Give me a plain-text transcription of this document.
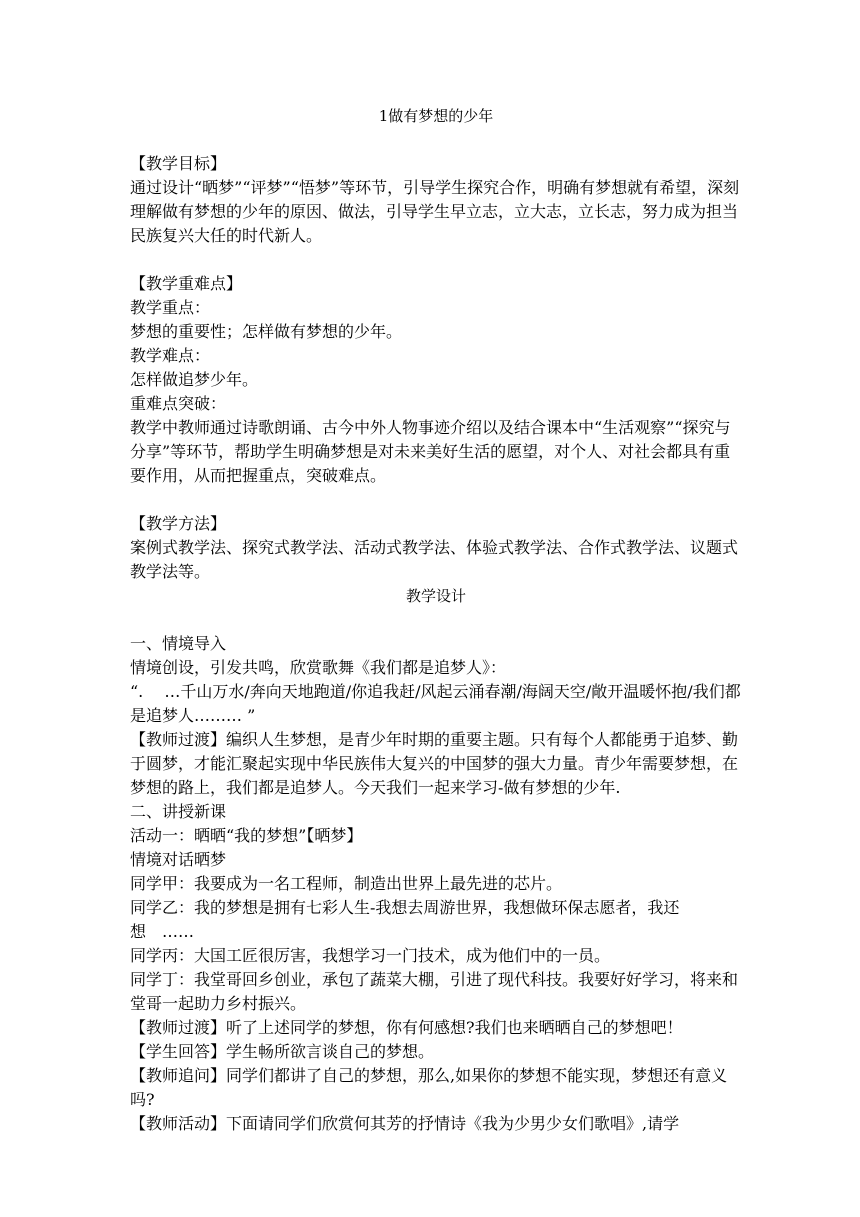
1做有梦想的少年

【教学目标】

通过设计“晒梦”“评梦”“悟梦”等环节，引导学生探究合作，明确有梦想就有希望，深刻理解做有梦想的少年的原因、做法，引导学生早立志，立大志，立长志，努力成为担当民族复兴大任的时代新人。

【教学重难点】

教学重点：

梦想的重要性；怎样做有梦想的少年。

教学难点：

怎样做追梦少年。

重难点突破：

教学中教师通过诗歌朗诵、古今中外人物事迹介绍以及结合课本中“生活观察”“探究与分享”等环节，帮助学生明确梦想是对未来美好生活的愿望，对个人、对社会都具有重要作用，从而把握重点，突破难点。

【教学方法】

案例式教学法、探究式教学法、活动式教学法、体验式教学法、合作式教学法、议题式教学法等。

教学设计

一、情境导入

情境创设，引发共鸣，欣赏歌舞《我们都是追梦人》：

“.　 …千山万水/奔向天地跑道/你追我赶/风起云涌春潮/海阔天空/敞开温暖怀抱/我们都是追梦人……… ”

【教师过渡】编织人生梦想，是青少年时期的重要主题。只有每个人都能勇于追梦、勤于圆梦，才能汇聚起实现中华民族伟大复兴的中国梦的强大力量。青少年需要梦想，在梦想的路上，我们都是追梦人。今天我们一起来学习-做有梦想的少年.

二、讲授新课

活动一：晒晒“我的梦想”【晒梦】

情境对话晒梦

同学甲：我要成为一名工程师，制造出世界上最先进的芯片。

同学乙：我的梦想是拥有七彩人生-我想去周游世界，我想做环保志愿者，我还想　……

同学丙：大国工匠很厉害，我想学习一门技术，成为他们中的一员。

同学丁：我堂哥回乡创业，承包了蔬菜大棚，引进了现代科技。我要好好学习，将来和堂哥一起助力乡村振兴。

【教师过渡】听了上述同学的梦想，你有何感想?我们也来晒晒自己的梦想吧！

【学生回答】学生畅所欲言谈自己的梦想。

【教师追问】同学们都讲了自己的梦想，那么,如果你的梦想不能实现，梦想还有意义吗?

【教师活动】下面请同学们欣赏何其芳的抒情诗《我为少男少女们歌唱》,请学
